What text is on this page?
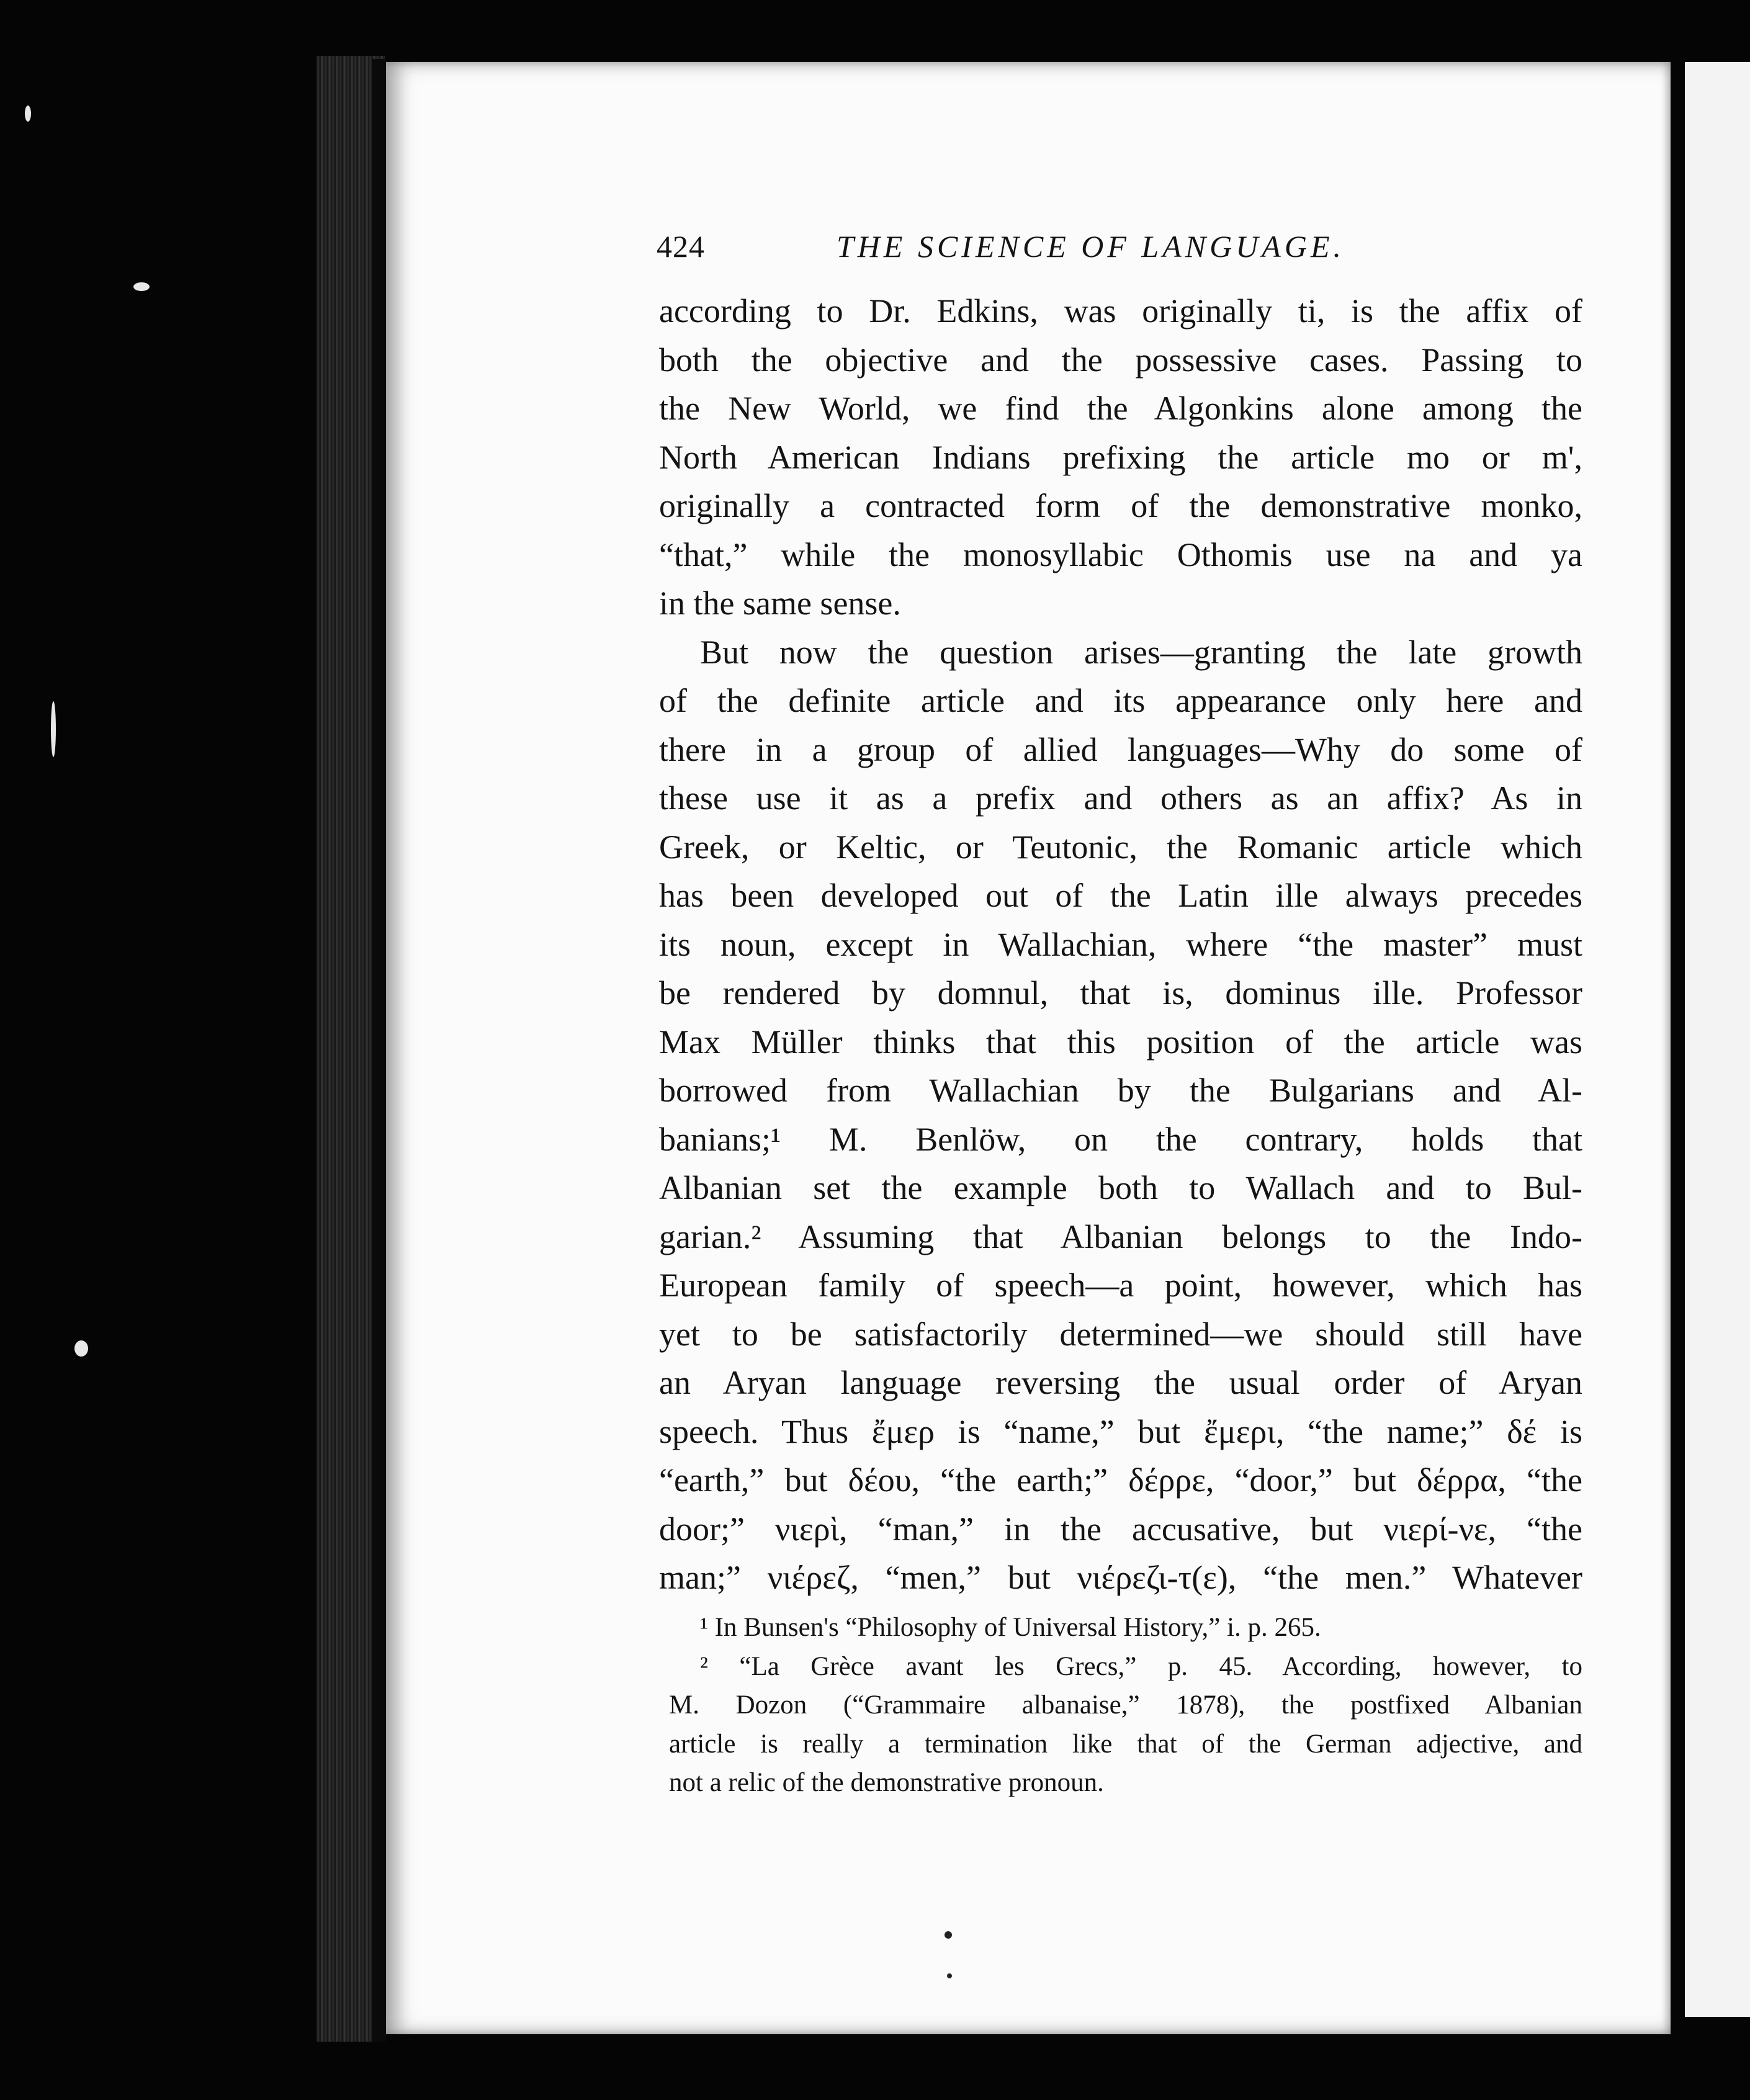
424	THE SCIENCE OF LANGUAGE.
according to Dr. Edkins, was originally ti, is the affix of
both the objective and the possessive cases. Passing to
the New World, we find the Algonkins alone among the
North American Indians prefixing the article mo or m',
originally a contracted form of the demonstrative monko,
“that,” while the monosyllabic Othomis use na and ya
in the same sense.
But now the question arises—granting the late growth
of the definite article and its appearance only here and
there in a group of allied languages—Why do some of
these use it as a prefix and others as an affix? As in
Greek, or Keltic, or Teutonic, the Romanic article which
has been developed out of the Latin ille always precedes
its noun, except in Wallachian, where “the master” must
be rendered by domnul, that is, dominus ille. Professor
Max Müller thinks that this position of the article was
borrowed from Wallachian by the Bulgarians and Al-
banians;¹ M. Benlöw, on the contrary, holds that
Albanian set the example both to Wallach and to Bul-
garian.² Assuming that Albanian belongs to the Indo-
European family of speech—a point, however, which has
yet to be satisfactorily determined—we should still have
an Aryan language reversing the usual order of Aryan
speech. Thus ἔμερ is “name,” but ἔμερι, “the name;” δέ is
“earth,” but δέου, “the earth;” δέρρε, “door,” but δέρρα, “the
door;” νιερὶ, “man,” in the accusative, but νιερί-νε, “the
man;” νιέρεζ, “men,” but νιέρεζι-τ(ε), “the men.” Whatever
¹ In Bunsen's “Philosophy of Universal History,” i. p. 265.
² “La Grèce avant les Grecs,” p. 45. According, however, to
M. Dozon (“Grammaire albanaise,” 1878), the postfixed Albanian
article is really a termination like that of the German adjective, and
not a relic of the demonstrative pronoun.
